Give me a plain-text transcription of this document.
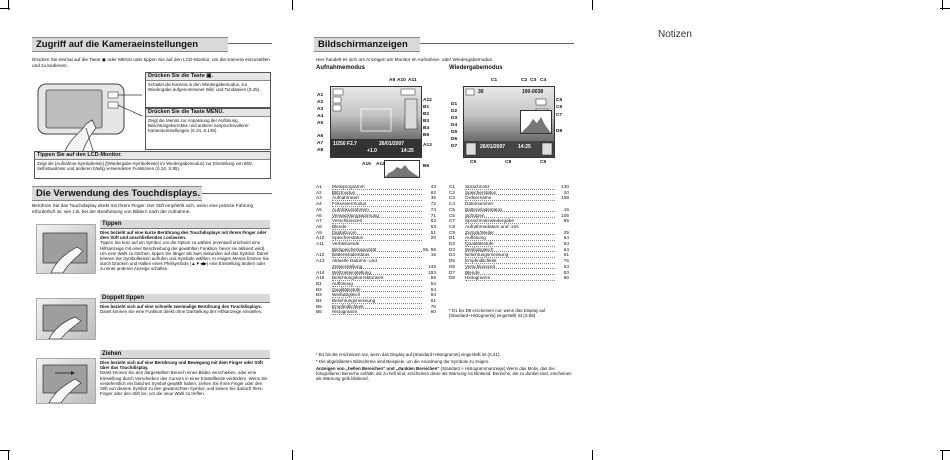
Zugriff auf die Kameraeinstellungen
Drücken Sie einmal auf die Taste ▣ oder MENU oder tippen Sie auf den LCD-Monitor, um die Kamera einzustellen und zu bedienen.
Drücken Sie die Taste ▣.
Schaltet die Kamera in den Wiedergabemodus, zur Wiedergabe aufgenommener Bild- und Tondateien (S.25).
Drücken Sie die Taste MENU.
Zeigt die Menüs zur Anpassung der Auflösung, Belichtungskorrektur und anderer anspruchsvollerer Kameraeinstellungen (S.34, S.145).
Tippen Sie auf den LCD-Monitor.
Zeigt die [Aufnahme-Symbolleiste] ([Wiedergabe-Symbolleiste] im Wiedergabemodus) zur Einstellung von Blitz, Selbstauslöser und anderen häufig verwendeten Funktionen (S.34, S.85).
Die Verwendung des Touchdisplays.
Berühren Sie das Touchdisplay direkt mit Ihrem Finger. Der Stift empfiehlt sich, wenn eine präzise Führung erforderlich ist, wie z.B. bei der Bearbeitung von Bildern nach der Aufnahme.
Tippen
Dies bezieht auf eine kurze Berührung des Touchdisplays mit Ihrem Finger oder dem Stift und anschließendes Loslassen.
Tippen Sie kurz auf ein Symbol, um die Option zu wählen (eventuell erscheint eine Hilfsanzeige mit einer Beschreibung der gewählten Funktion, bevor sie aktiviert wird). Um eine Wahl zu löschen, tippen Sie länger als zwei Sekunden auf das Symbol. Damit können Sie Symbolleisten aufrufen und Symbole wählen. In einigen Menüs können Sie durch Drücken und Halten eines Pfeilsymbols (▲▼◀▶) eine Einstellung ändern oder zu einer anderen Anzeige schalten.
Doppelt tippen
Dies bezieht sich auf eine schnelle zweimalige Berührung des Touchdisplays.
Damit können Sie eine Funktion direkt ohne Darstellung der Hilfsanzeige einstellen.
Ziehen
Dies bezieht sich auf eine Berührung und Bewegung mit dem Finger oder Stift über das Touchdisplay.
Damit können Sie den dargestellten Bereich eines Bildes verschieben, oder eine Einstellung durch Verschieben des Cursors in einer Einstellleiste verändern. Wenn Sie versehentlich ein falsches Symbol gewählt haben, ziehen Sie Ihren Finger oder den Stift von diesem Symbol zu den gewünschten Symbol, und lassen Sie danach Ihren Finger oder den Stift los, um die neue Wahl zu treffen.
Bildschirmanzeigen
Hier handelt es sich um Anzeigen am Monitor im Aufnahme- oder Wiedergabemodus.
Aufnahmemodus	Wiedergabemodus
1/250 F2.7	26/01/2007
+1.0	14:25
A9 A10 A11
A1
A2
A3
A4
A5
A6
A7
A8
A12
B1
B2
B3
B4
B5
A13
A15 A14	B6
30	100-0038
26/01/2007	14:25
C1	C2 C3 C4
D1
D2
D3
D4
D5
D6
D7
C5
C6
C7
D8
C9	C8	C9
A1	Motivprogramm	43
A2	Blitzmodus	62
A3	Aufnahmeart	35
A4	Fokussiermodus	72
A5	Autofokusrahmen	74
A6	Verwacklungswarnung	71
A7	Verschlusszeit	53
A8	Blende	53
A9	Digitalzoom	51
A10	Speicherstatus	20
A11	Verbleibende
Bildspeicherkapazität	55, 58
A12	Batterieladestatus	16
A13	Aktuelle Datums- und
Zeiteinstellung	149
A14	Weltzeiteinstellung	153
A15	Belichtungskorrekturwert	59
B1	Auflösung	54
B2	Qualitätsstufe	54
B3	Weißabgleich	64
B4	Belichtungsmessung	61
B5	Empfindlichkeit	76
B6	Histogramm	60
C1	Sprachnotiz	130
C2	Speicherstatus	20
C3	Ordnername	158
C4	Dateinummer
C5	Batterieladestatus	16
C6	Schützen	105
C7	Sprachnotizwiedergabe	95
C8	Aufnahmedatum und -zeit
C9	Zurück/Weiter	25
D1	Auflösung	54
D2	Qualitätsstufe	54
D3	Weißabgleich	64
D4	Belichtungsmessung	61
D5	Empfindlichkeit	76
D6	Verschlusszeit	53
D7	Blende	53
D8	Histogramm	60
* D1 bis D8 erscheinen nur, wenn das Display auf [Standard+Histogramm] eingestellt ist (S.88).
* B1 bis B6 erscheinen nur, wenn das Display auf [Standard+Histogramm] eingestellt ist (S.41).
* Die abgebildeten Bildschirme sind Beispiele, um die Anordnung der Symbole zu zeigen.
Anzeigen von „hellen Bereichen“ und „dunklen Bereichen“ (Standard + Histogrammanzeige) Wenn das Motiv, das Sie fotografieren Bereiche enthält, die zu hell sind, erscheinen diese als Warnung rot blinkend. Bereiche, die zu dunkel sind, erscheinen als Warnung gelb blinkend.
Notizen
